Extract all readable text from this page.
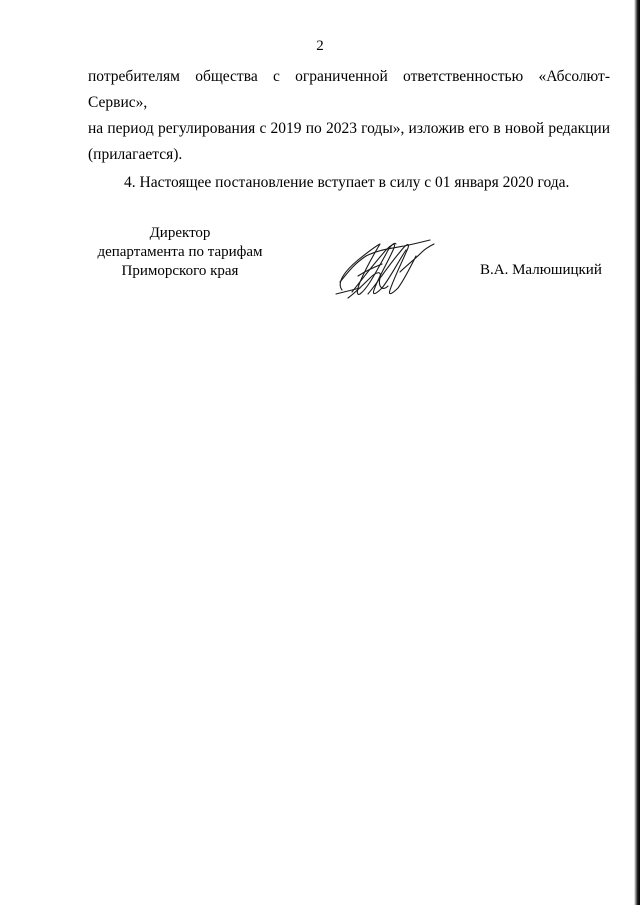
2

потребителям общества с ограниченной ответственностью «Абсолют-Сервис»,

на период регулирования с 2019 по 2023 годы», изложив его в новой редакции

(прилагается).

4. Настоящее постановление вступает в силу с 01 января 2020 года.

Директор
департамента по тарифам
Приморского края	В.А. Малюшицкий
